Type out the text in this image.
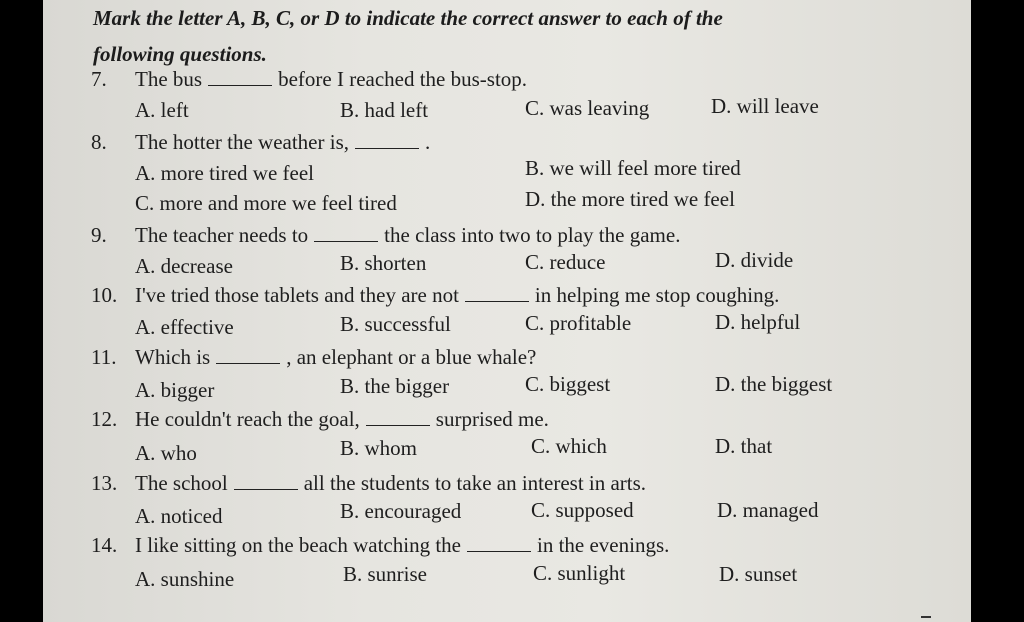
Mark the letter A, B, C, or D to indicate the correct answer to each of the
following questions.
7. The bus	before I reached the bus-stop.
A. left	B. had left	C. was leaving	D. will leave
8. The hotter the weather is,	.
A. more tired we feel	B. we will feel more tired
C. more and more we feel tired	D. the more tired we feel
9. The teacher needs to	the class into two to play the game.
A. decrease	B. shorten	C. reduce	D. divide
10. I've tried those tablets and they are not	in helping me stop coughing.
A. effective	B. successful	C. profitable	D. helpful
11. Which is	, an elephant or a blue whale?
A. bigger	B. the bigger	C. biggest	D. the biggest
12. He couldn't reach the goal,	surprised me.
A. who	B. whom	C. which	D. that
13. The school	all the students to take an interest in arts.
A. noticed	B. encouraged	C. supposed	D. managed
14. I like sitting on the beach watching the	in the evenings.
A. sunshine	B. sunrise	C. sunlight	D. sunset
